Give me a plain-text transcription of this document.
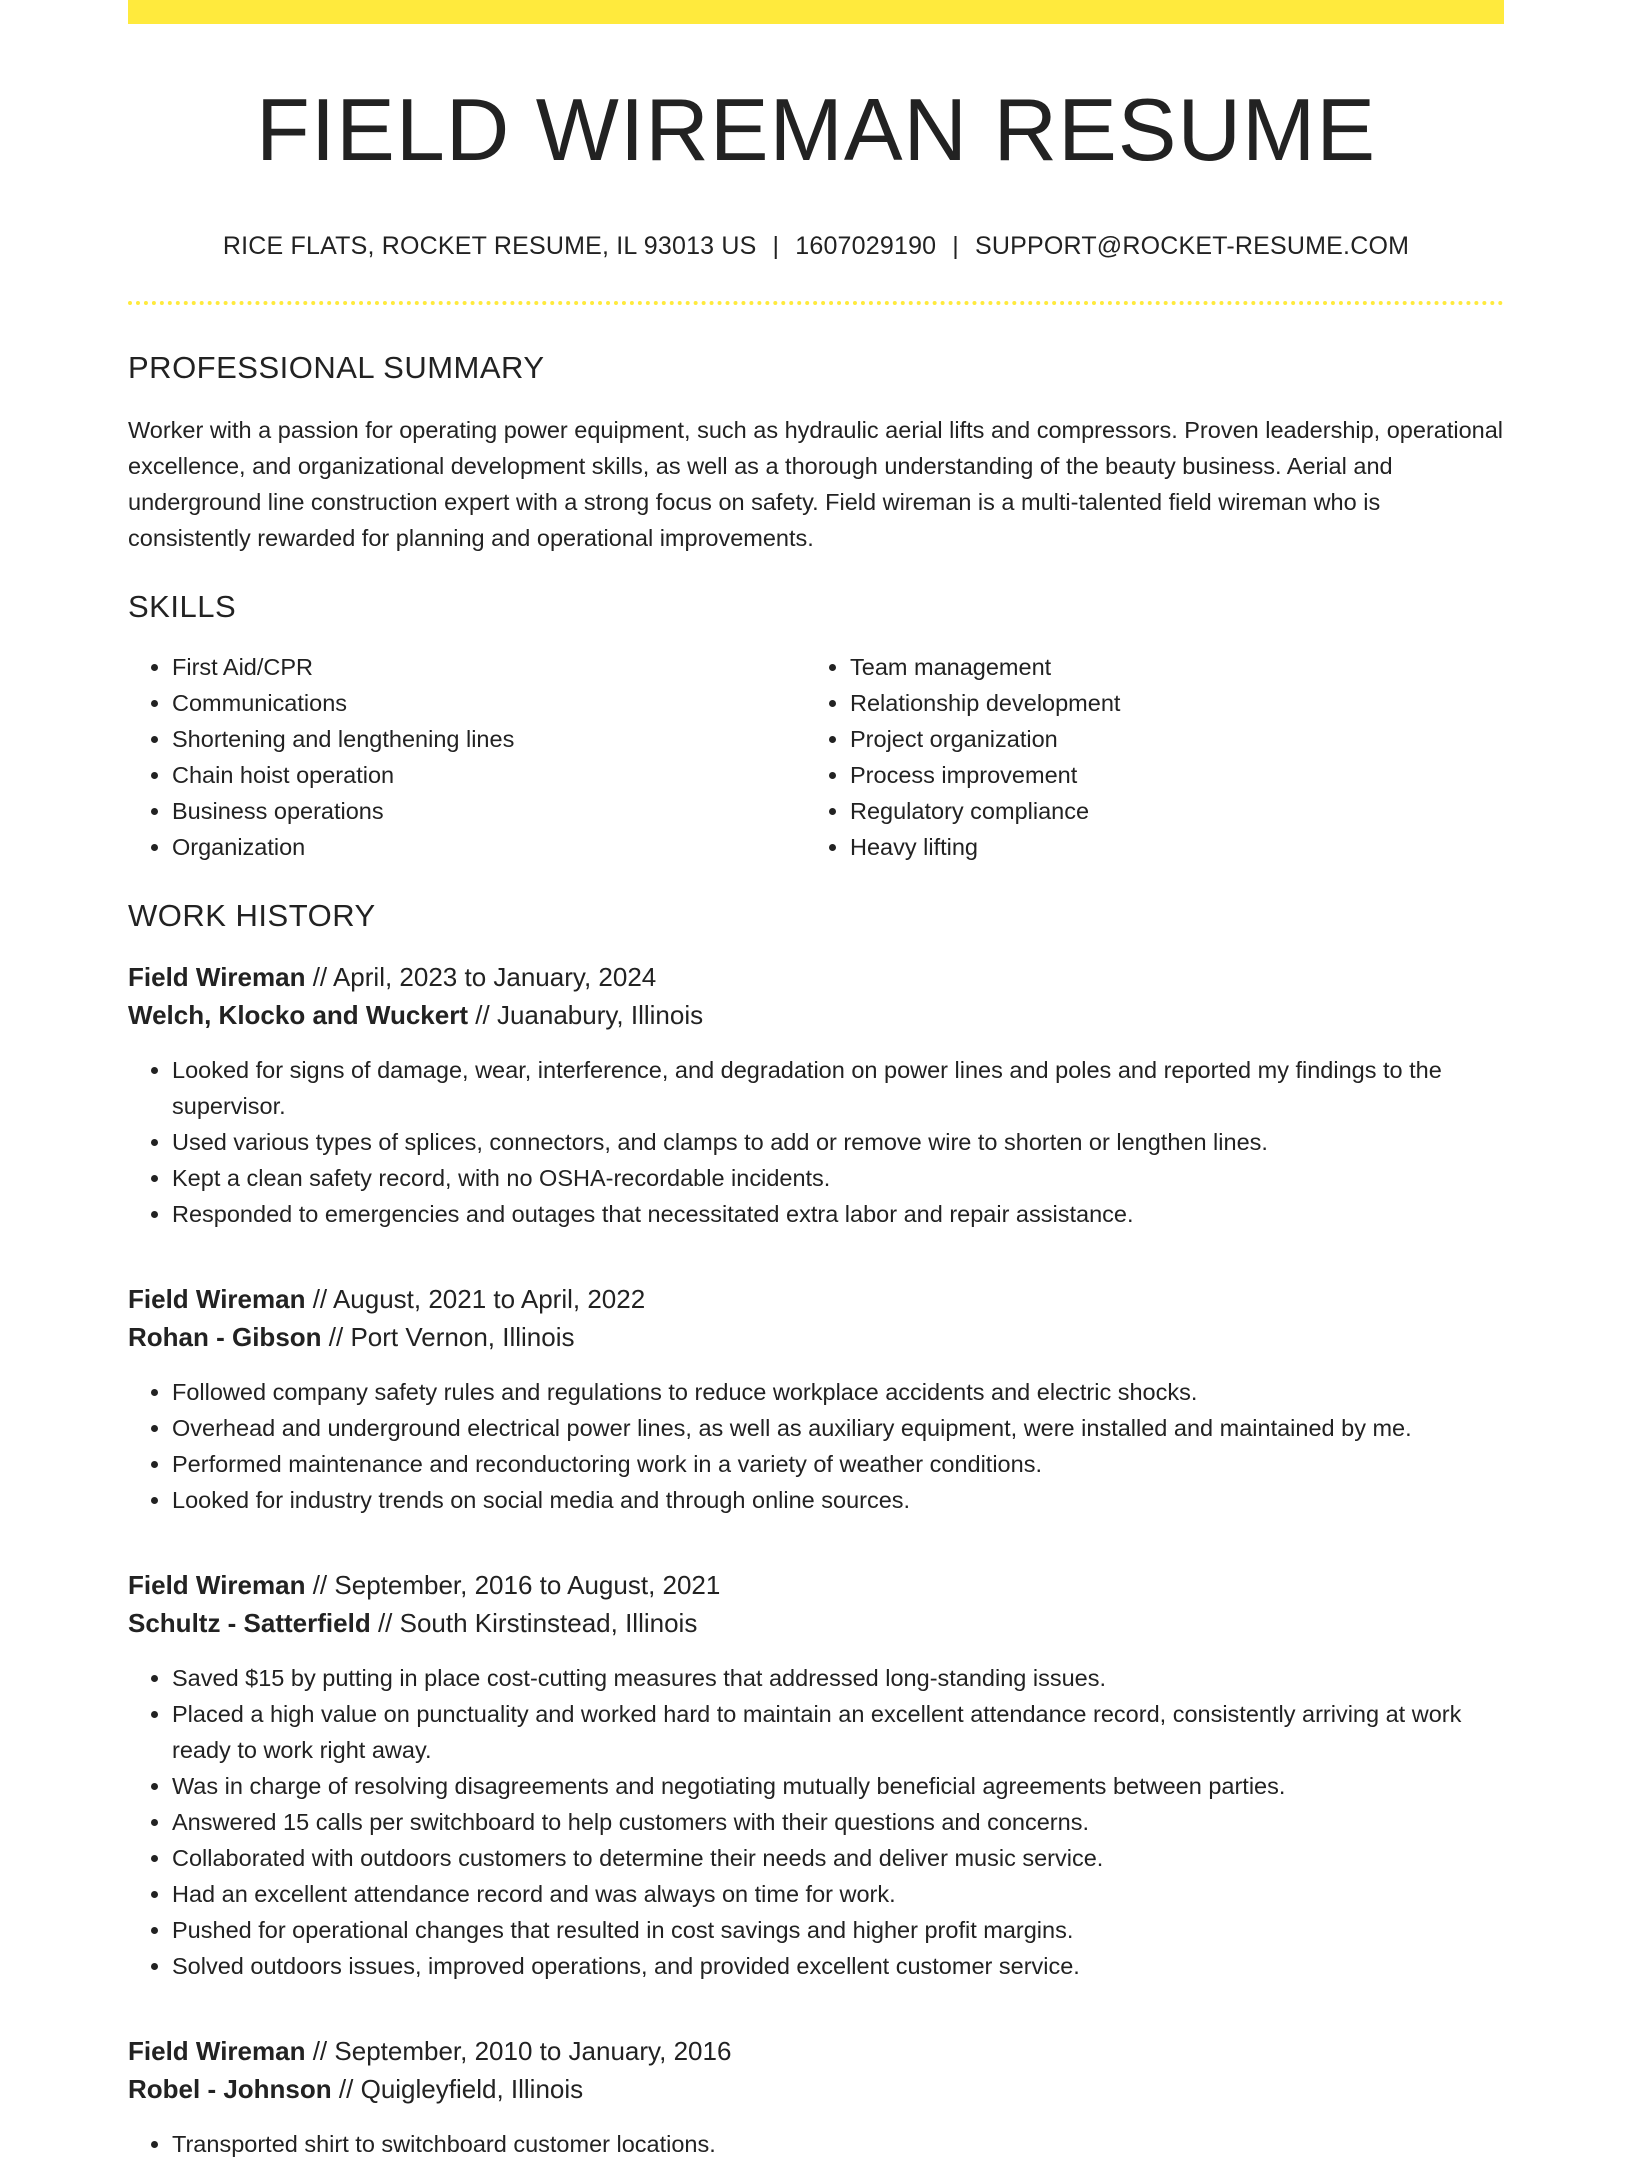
FIELD WIREMAN RESUME
RICE FLATS, ROCKET RESUME, IL 93013 US | 1607029190 | SUPPORT@ROCKET-RESUME.COM
PROFESSIONAL SUMMARY

Worker with a passion for operating power equipment, such as hydraulic aerial lifts and compressors. Proven leadership, operational excellence, and organizational development skills, as well as a thorough understanding of the beauty business. Aerial and underground line construction expert with a strong focus on safety. Field wireman is a multi-talented field wireman who is consistently rewarded for planning and operational improvements.

SKILLS
• First Aid/CPR
• Communications
• Shortening and lengthening lines
• Chain hoist operation
• Business operations
• Organization
• Team management
• Relationship development
• Project organization
• Process improvement
• Regulatory compliance
• Heavy lifting
WORK HISTORY
Field Wireman // April, 2023 to January, 2024
Welch, Klocko and Wuckert // Juanabury, Illinois
• Looked for signs of damage, wear, interference, and degradation on power lines and poles and reported my findings to the supervisor.
• Used various types of splices, connectors, and clamps to add or remove wire to shorten or lengthen lines.
• Kept a clean safety record, with no OSHA-recordable incidents.
• Responded to emergencies and outages that necessitated extra labor and repair assistance.
Field Wireman // August, 2021 to April, 2022
Rohan - Gibson // Port Vernon, Illinois
• Followed company safety rules and regulations to reduce workplace accidents and electric shocks.
• Overhead and underground electrical power lines, as well as auxiliary equipment, were installed and maintained by me.
• Performed maintenance and reconductoring work in a variety of weather conditions.
• Looked for industry trends on social media and through online sources.
Field Wireman // September, 2016 to August, 2021
Schultz - Satterfield // South Kirstinstead, Illinois
• Saved $15 by putting in place cost-cutting measures that addressed long-standing issues.
• Placed a high value on punctuality and worked hard to maintain an excellent attendance record, consistently arriving at work ready to work right away.
• Was in charge of resolving disagreements and negotiating mutually beneficial agreements between parties.
• Answered 15 calls per switchboard to help customers with their questions and concerns.
• Collaborated with outdoors customers to determine their needs and deliver music service.
• Had an excellent attendance record and was always on time for work.
• Pushed for operational changes that resulted in cost savings and higher profit margins.
• Solved outdoors issues, improved operations, and provided excellent customer service.
Field Wireman // September, 2010 to January, 2016
Robel - Johnson // Quigleyfield, Illinois
• Transported shirt to switchboard customer locations.
